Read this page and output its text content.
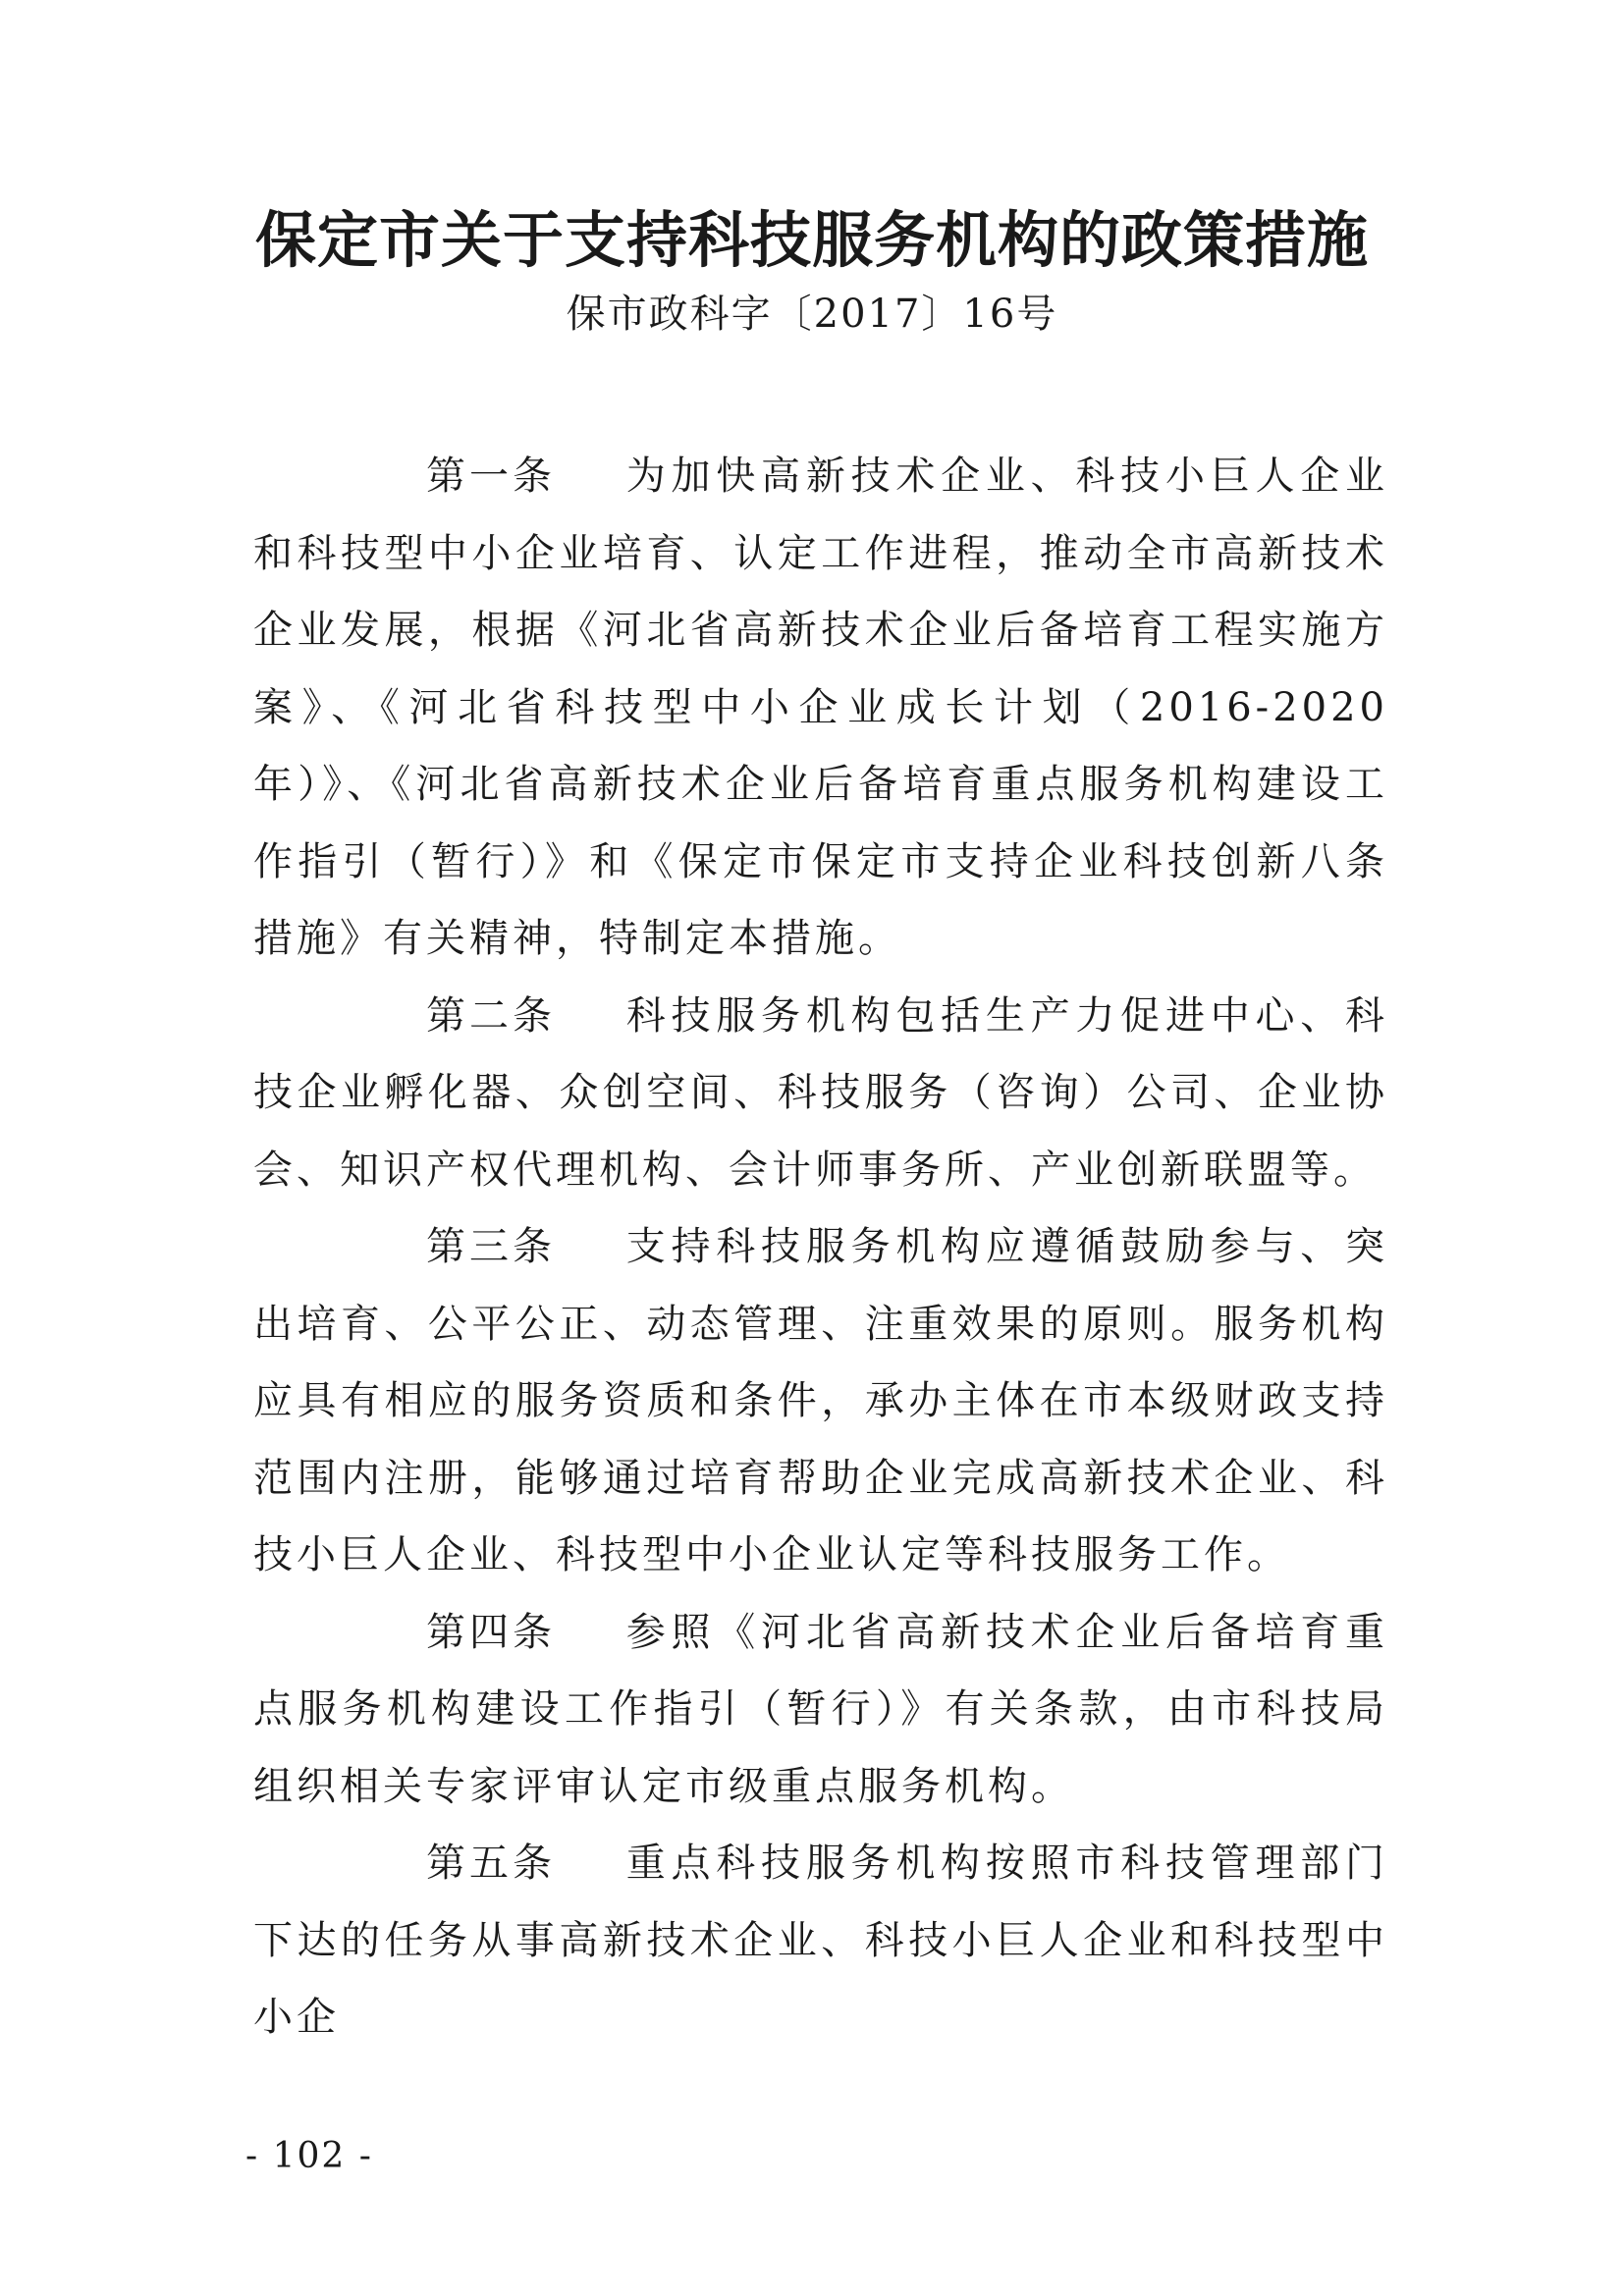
保定市关于支持科技服务机构的政策措施
保市政科字〔2017〕16号

第一条 为加快高新技术企业、科技小巨人企业和科技型中小企业培育、认定工作进程，推动全市高新技术企业发展，根据《河北省高新技术企业后备培育工程实施方案》、《河北省科技型中小企业成长计划（2016-2020年）》、《河北省高新技术企业后备培育重点服务机构建设工作指引（暂行）》和《保定市保定市支持企业科技创新八条措施》有关精神，特制定本措施。

第二条 科技服务机构包括生产力促进中心、科技企业孵化器、众创空间、科技服务（咨询）公司、企业协会、知识产权代理机构、会计师事务所、产业创新联盟等。

第三条 支持科技服务机构应遵循鼓励参与、突出培育、公平公正、动态管理、注重效果的原则。服务机构应具有相应的服务资质和条件，承办主体在市本级财政支持范围内注册，能够通过培育帮助企业完成高新技术企业、科技小巨人企业、科技型中小企业认定等科技服务工作。

第四条 参照《河北省高新技术企业后备培育重点服务机构建设工作指引（暂行）》有关条款，由市科技局组织相关专家评审认定市级重点服务机构。

第五条 重点科技服务机构按照市科技管理部门下达的任务从事高新技术企业、科技小巨人企业和科技型中小企

- 102 -
